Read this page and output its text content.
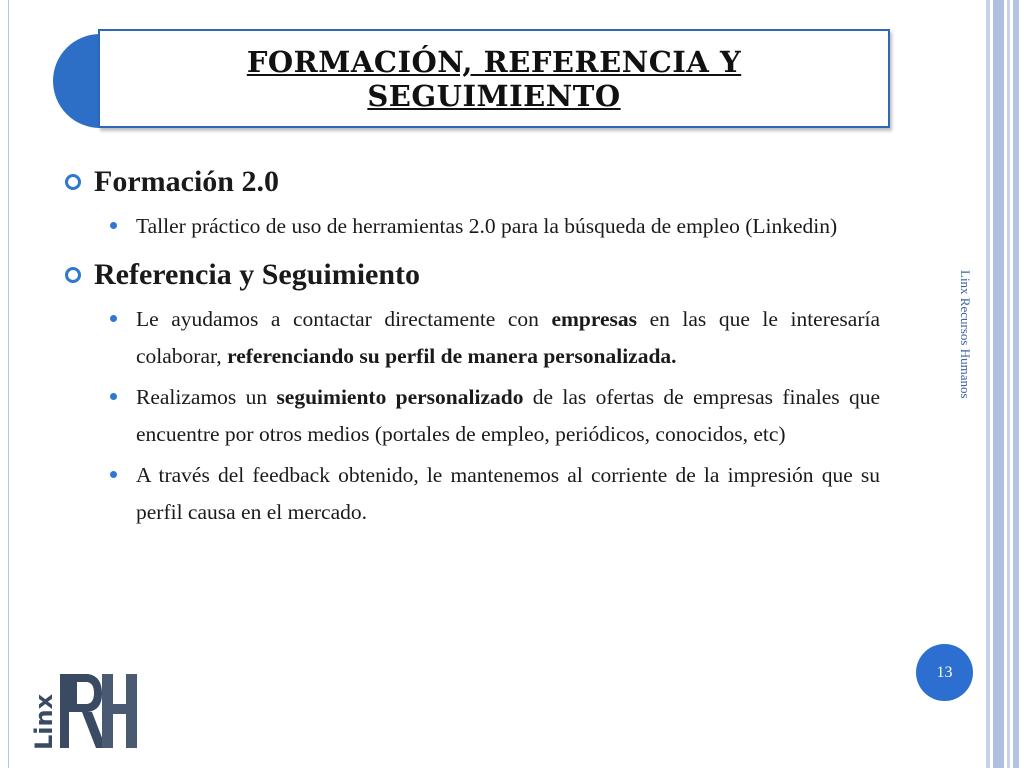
FORMACIÓN, REFERENCIA Y SEGUIMIENTO
Formación 2.0
Taller práctico de uso de herramientas 2.0 para la búsqueda de empleo (Linkedin)
Referencia y Seguimiento
Le ayudamos a contactar directamente con empresas en las que le interesaría colaborar, referenciando su perfil de manera personalizada.
Realizamos un seguimiento personalizado de las ofertas de empresas finales que encuentre por otros medios (portales de empleo, periódicos, conocidos, etc)
A través del feedback obtenido, le mantenemos al corriente de la impresión que su perfil causa en el mercado.
Linx Recursos Humanos
13
Linx
